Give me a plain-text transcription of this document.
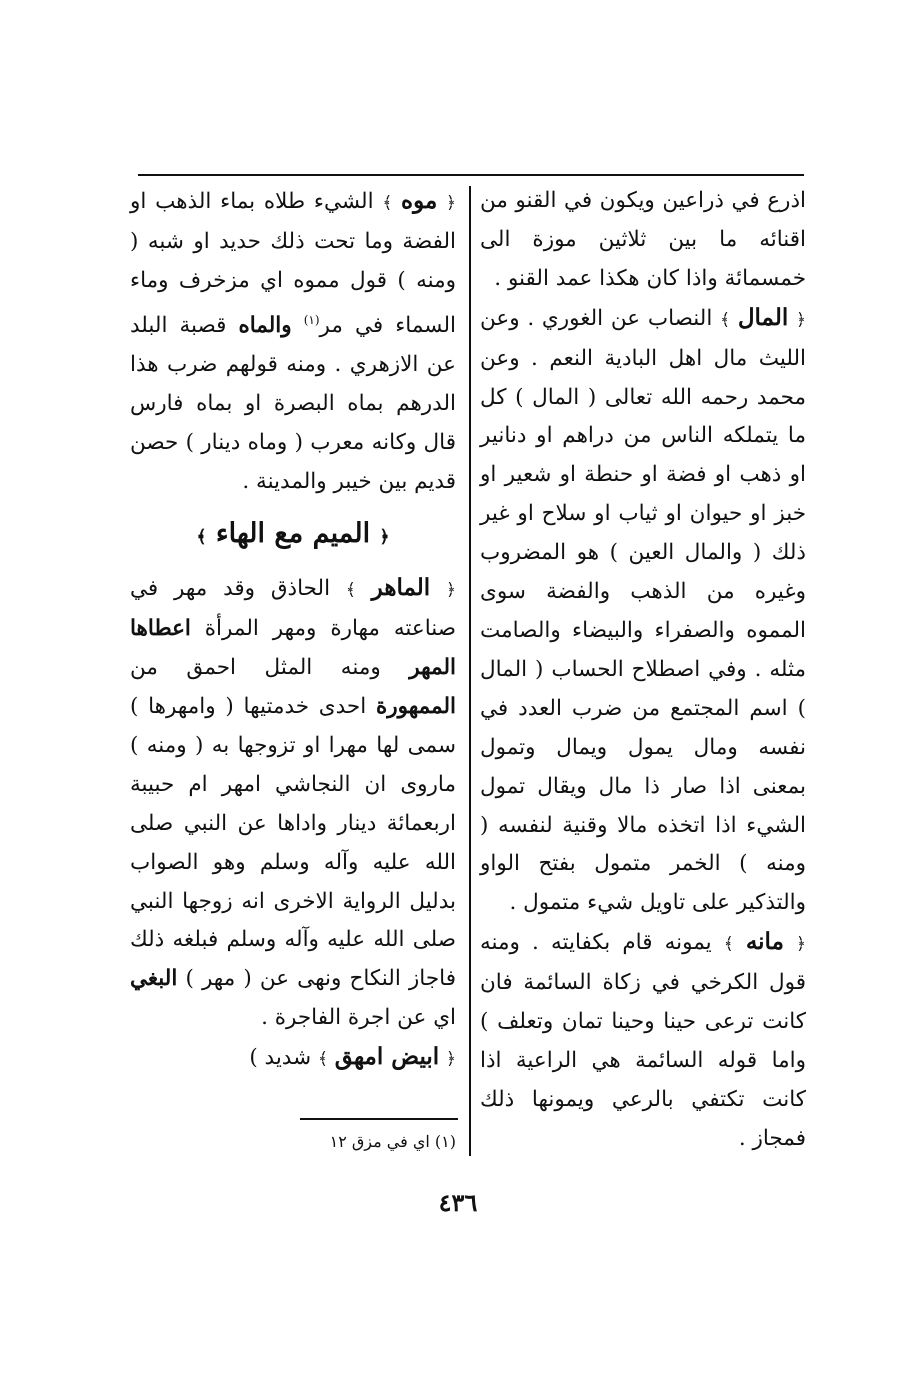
اذرع في ذراعين ويكون في القنو من اقنائه ما بين ثلاثين موزة الى خمسمائة واذا كان هكذا عمد القنو .

﴿ المال ﴾ النصاب عن الغوري . وعن الليث مال اهل البادية النعم . وعن محمد رحمه الله تعالى ( المال ) كل ما يتملكه الناس من دراهم او دنانير او ذهب او فضة او حنطة او شعير او خبز او حيوان او ثياب او سلاح او غير ذلك ( والمال العين ) هو المضروب وغيره من الذهب والفضة سوى المموه والصفراء والبيضاء والصامت مثله . وفي اصطلاح الحساب ( المال ) اسم المجتمع من ضرب العدد في نفسه ومال يمول ويمال وتمول بمعنى اذا صار ذا مال ويقال تمول الشيء اذا اتخذه مالا وقنية لنفسه ( ومنه ) الخمر متمول بفتح الواو والتذكير على تاويل شيء متمول .

﴿ مانه ﴾ يمونه قام بكفايته . ومنه قول الكرخي في زكاة السائمة فان كانت ترعى حينا وحينا تمان وتعلف ) واما قوله السائمة هي الراعية اذا كانت تكتفي بالرعي ويمونها ذلك فمجاز .

﴿ موه ﴾ الشيء طلاه بماء الذهب او الفضة وما تحت ذلك حديد او شبه ( ومنه ) قول مموه اي مزخرف وماء السماء في مر$^{(١)}$ والماه قصبة البلد عن الازهري . ومنه قولهم ضرب هذا الدرهم بماه البصرة او بماه فارس قال وكانه معرب ( وماه دينار ) حصن قديم بين خيبر والمدينة .

﴿ الميم مع الهاء ﴾

﴿ الماهر ﴾ الحاذق وقد مهر في صناعته مهارة ومهر المرأة اعطاها المهر ومنه المثل احمق من الممهورة احدى خدمتيها ( وامهرها ) سمى لها مهرا او تزوجها به ( ومنه ) ماروى ان النجاشي امهر ام حبيبة اربعمائة دينار واداها عن النبي صلى الله عليه وآله وسلم وهو الصواب بدليل الرواية الاخرى انه زوجها النبي صلى الله عليه وآله وسلم فبلغه ذلك فاجاز النكاح ونهى عن ( مهر ) البغي اي عن اجرة الفاجرة .

﴿ ابيض امهق ﴾ شديد )

(١) اي في مزق ١٢
٤٣٦
